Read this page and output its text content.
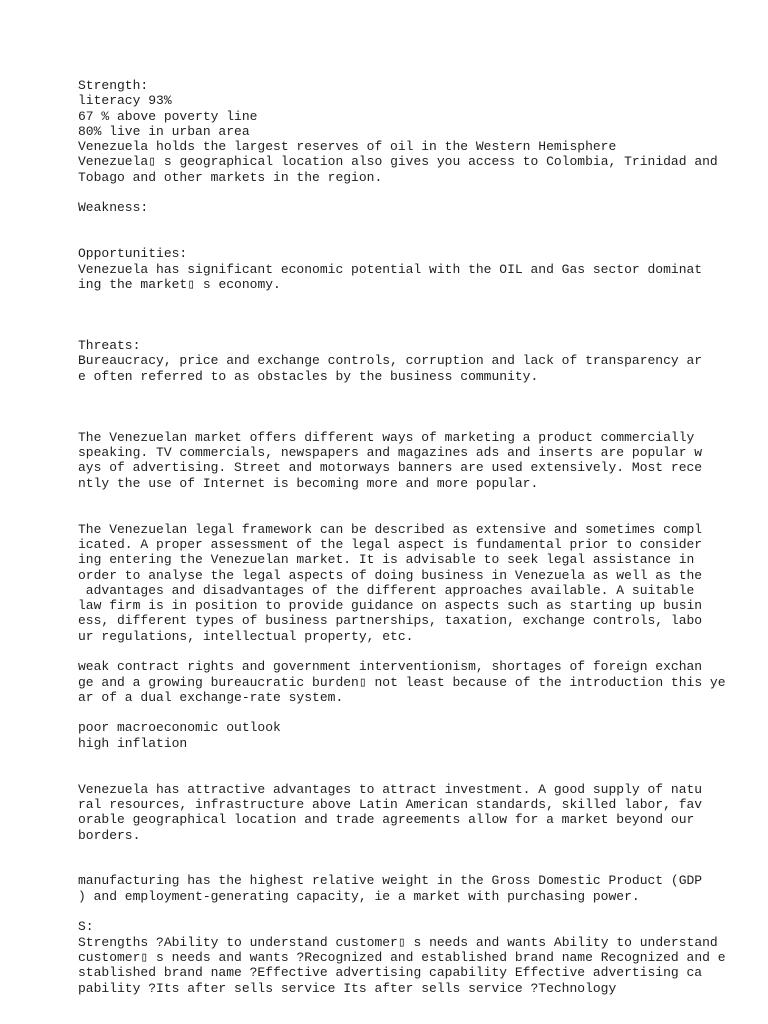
Strength:
literacy 93%
67 % above poverty line
80% live in urban area
Venezuela holds the largest reserves of oil in the Western Hemisphere
Venezuela▯ s geographical location also gives you access to Colombia, Trinidad and
Tobago and other markets in the region.
Weakness:
Opportunities:
Venezuela has significant economic potential with the OIL and Gas sector dominat
ing the market▯ s economy.
Threats:
Bureaucracy, price and exchange controls, corruption and lack of transparency ar
e often referred to as obstacles by the business community.
The Venezuelan market offers different ways of marketing a product commercially
speaking. TV commercials, newspapers and magazines ads and inserts are popular w
ays of advertising. Street and motorways banners are used extensively. Most rece
ntly the use of Internet is becoming more and more popular.
The Venezuelan legal framework can be described as extensive and sometimes compl
icated. A proper assessment of the legal aspect is fundamental prior to consider
ing entering the Venezuelan market. It is advisable to seek legal assistance in
order to analyse the legal aspects of doing business in Venezuela as well as the
advantages and disadvantages of the different approaches available. A suitable
law firm is in position to provide guidance on aspects such as starting up busin
ess, different types of business partnerships, taxation, exchange controls, labo
ur regulations, intellectual property, etc.
weak contract rights and government interventionism, shortages of foreign exchan
ge and a growing bureaucratic burden▯ not least because of the introduction this ye
ar of a dual exchange-rate system.
poor macroeconomic outlook
high inflation
Venezuela has attractive advantages to attract investment. A good supply of natu
ral resources, infrastructure above Latin American standards, skilled labor, fav
orable geographical location and trade agreements allow for a market beyond our
borders.
manufacturing has the highest relative weight in the Gross Domestic Product (GDP
) and employment-generating capacity, ie a market with purchasing power.
S:
Strengths ?Ability to understand customer▯ s needs and wants Ability to understand
customer▯ s needs and wants ?Recognized and established brand name Recognized and e
stablished brand name ?Effective advertising capability Effective advertising ca
pability ?Its after sells service Its after sells service ?Technology
